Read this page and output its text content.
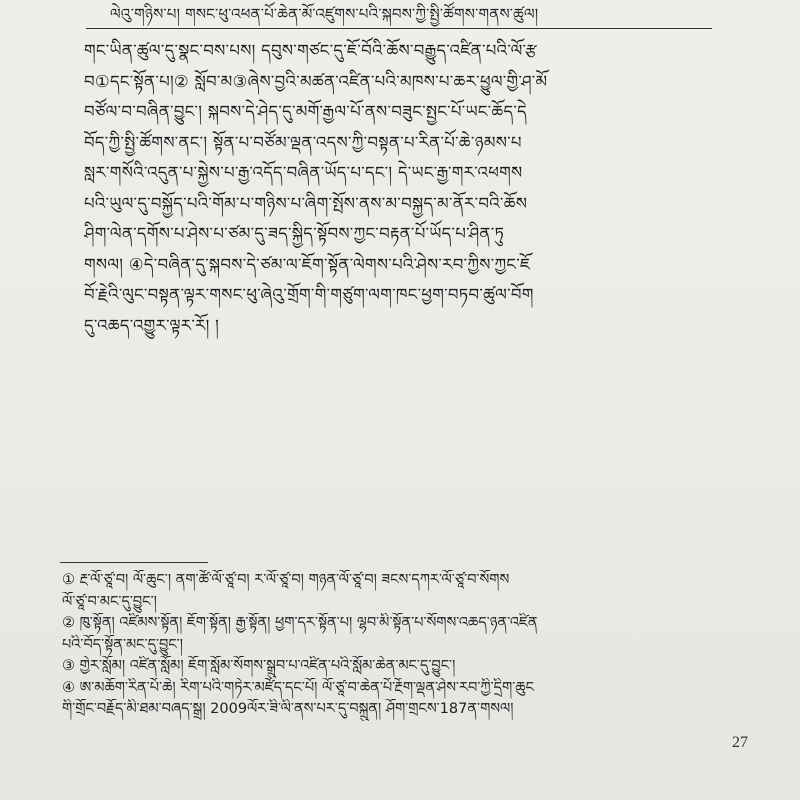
ལེའུ་གཉིས་པ། གསང་ཕུ་འཕན་པོ་ཆེན་མོ་འཛུགས་པའི་སྐབས་ཀྱི་སྤྱི་ཚོགས་གནས་ཚུལ།
གང་ཡིན་ཚུལ་དུ་སྣང་བས་པས། དབུས་གཙང་དུ་ཇོ་བོའི་ཆོས་བརྒྱུད་འཛིན་པའི་ལོ་རྩ
བ①དང་སྟོན་པ།② སློབ་མ③ཞེས་བྱའི་མཚན་འཛིན་པའི་མཁས་པ་ཆར་ཕྱུལ་གྱི་ཤ་མོ
བཙོལ་བ་བཞིན་བྱུང་། སྐབས་དེ་ཤེད་དུ་མགོ་རྒྱལ་པོ་ནས་བཟུང་སྤྱང་པོ་ཡང་ཆོད་དེ
བོད་ཀྱི་སྤྱི་ཚོགས་ནང་། སྟོན་པ་བཙོམ་ལྡན་འདས་ཀྱི་བསྟན་པ་རིན་པོ་ཆེ་ཉམས་པ
སླར་གསོའི་འདུན་པ་སྐྱེས་པ་རྒྱ་འདོད་བཞིན་ཡོད་པ་དང་། དེ་ཡང་རྒྱ་གར་འཕགས
པའི་ཡུལ་དུ་བསྐྱོད་པའི་གོམ་པ་གཉིས་པ་ཞིག་སྤོས་ནས་མ་བསྐྱད་མ་ནོར་བའི་ཆོས
ཤིག་ལེན་དགོས་པ་ཤེས་པ་ཙམ་དུ་ཟད་སྐྱིད་སྟོབས་ཀྱང་བརྟན་པོ་ཡོད་པ་ཤིན་ཏུ
གསལ། ④དེ་བཞིན་དུ་སྐབས་དེ་ཙམ་ལ་ཇོག་སྟོན་ལེགས་པའི་ཤེས་རབ་ཀྱིས་ཀྱང་ཇོ
བོ་རྗེའི་ལུང་བསྟན་ལྟར་གསང་ཕུ་ཞེའུ་གྲོག་གི་གཙུག་ལག་ཁང་ཕྱག་བཏབ་ཚུལ་བོག
དུ་འཆད་འགྱུར་ལྟར་རོ། །
① རྔ་ལོ་ཙཱ་བ། ལོ་ཆུང་། ནག་ཚོ་ལོ་ཙཱ་བ། ར་ལོ་ཙཱ་བ། གཉན་ལོ་ཙཱ་བ། ཟངས་དཀར་ལོ་ཙཱ་བ་སོགས
ལོ་ཙཱ་བ་མང་དུ་བྱུང་།
② ཁུ་སྟོན། འཛིམས་སྟོན། ཇོག་སྟོན། རྒྱ་སྟོན། ཕྱག་དར་སྟོན་པ། ལྷབ་མི་སྟོན་པ་སོགས་འཆད་ཉན་འཛིན
པའི་བོད་སྟོན་མང་དུ་བྱུང་།
③ གྱེར་སློམ། འཛིན་སློམ། ཇོག་སློམ་སོགས་སྒྲུབ་པ་འཛིན་པའི་སློམ་ཆེན་མང་དུ་བྱུང་།
④ ཨ་མཆོག་རིན་པོ་ཆེ། རིག་པའི་གཏེར་མཛོད་དང་པོ། ལོ་ཙཱ་བ་ཆེན་པོ་རྔོག་ལྡན་ཤེས་རབ་ཀྱི་དྲིག་ཆུང
གི་གྲོང་བརྗོད་མི་ཐམ་བཞད་སྒྲ། 2009ལོར་ཟི་ལི་ནས་པར་དུ་བསྐྲུན། ཤོག་གྲངས་187ན་གསལ།
27
